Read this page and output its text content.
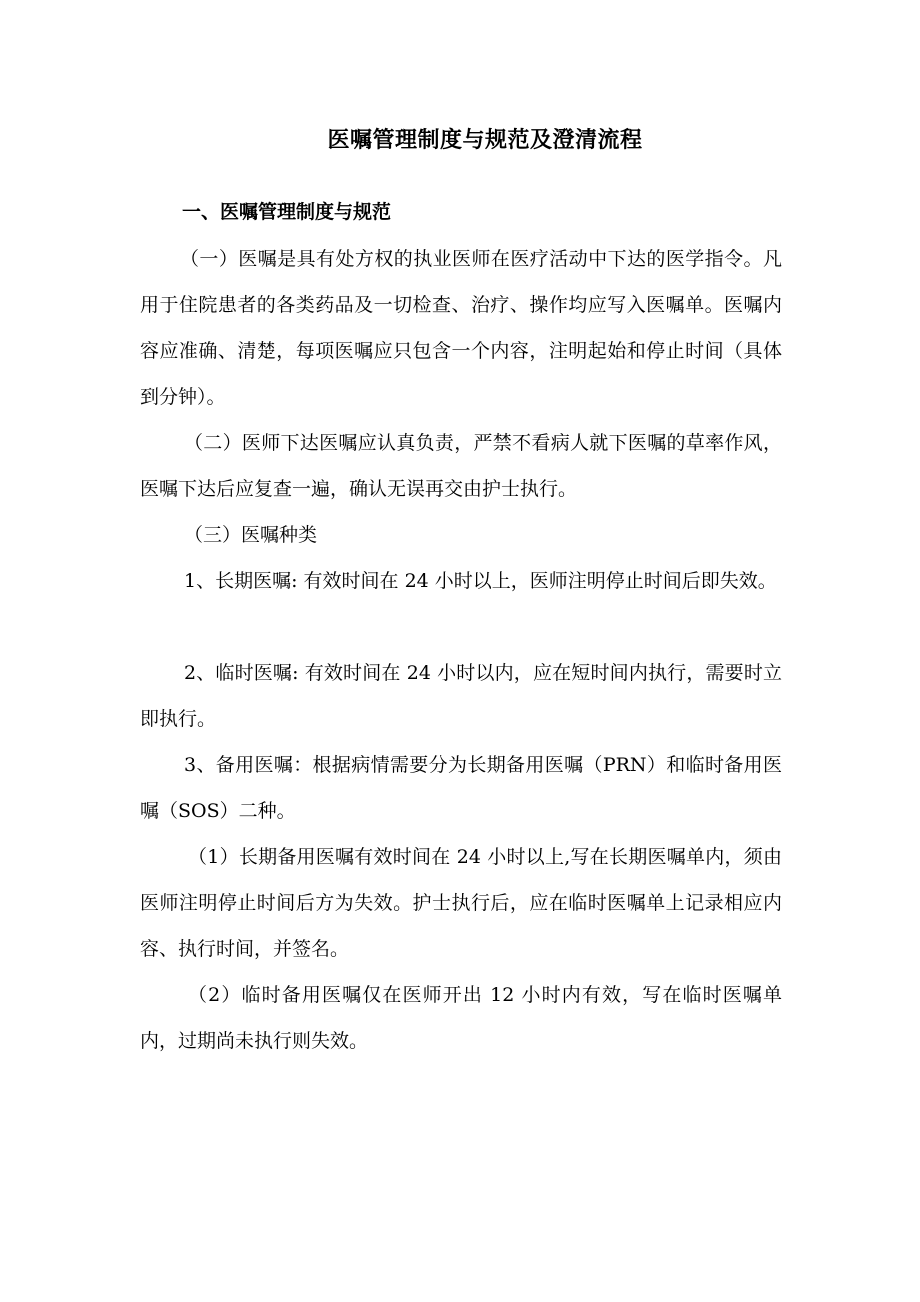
医嘱管理制度与规范及澄清流程
一、医嘱管理制度与规范

（一）医嘱是具有处方权的执业医师在医疗活动中下达的医学指令。凡用于住院患者的各类药品及一切检查、治疗、操作均应写入医嘱单。医嘱内容应准确、清楚，每项医嘱应只包含一个内容，注明起始和停止时间（具体到分钟）。

（二）医师下达医嘱应认真负责，严禁不看病人就下医嘱的草率作风，医嘱下达后应复查一遍，确认无误再交由护士执行。

（三）医嘱种类

1、长期医嘱: 有效时间在 24 小时以上，医师注明停止时间后即失效。

2、临时医嘱: 有效时间在 24 小时以内，应在短时间内执行，需要时立即执行。

3、备用医嘱：根据病情需要分为长期备用医嘱（PRN）和临时备用医嘱（SOS）二种。

（1）长期备用医嘱有效时间在 24 小时以上,写在长期医嘱单内，须由医师注明停止时间后方为失效。护士执行后，应在临时医嘱单上记录相应内容、执行时间，并签名。

（2）临时备用医嘱仅在医师开出 12 小时内有效，写在临时医嘱单内，过期尚未执行则失效。
